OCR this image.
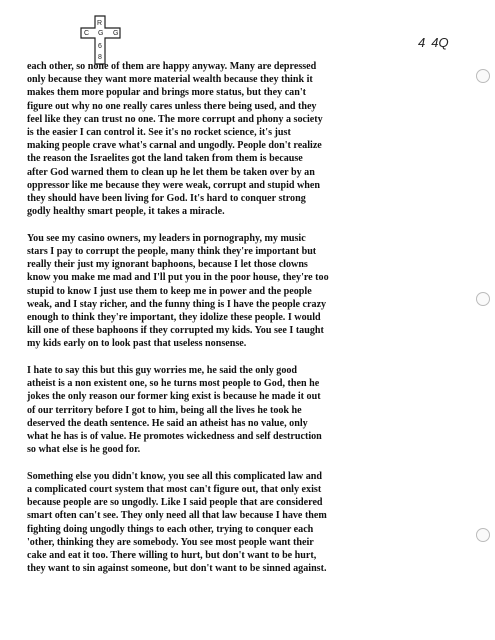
R
G
C G
6
8
4 4Q
each other, so none of them are happy anyway. Many are depressed
only because they want more material wealth because they think it
makes them more popular and brings more status, but they can't
figure out why no one really cares unless there being used, and they
feel like they can trust no one. The more corrupt and phony a society
is the easier I can control it. See it's no rocket science, it's just
making people crave what's carnal and ungodly. People don't realize
the reason the Israelites got the land taken from them is because
after God warned them to clean up he let them be taken over by an
oppressor like me because they were weak, corrupt and stupid when
they should have been living for God. It's hard to conquer strong
godly healthy smart people, it takes a miracle.
You see my casino owners, my leaders in pornography, my music
stars I pay to corrupt the people, many think they're important but
really their just my ignorant baphoons, because I let those clowns
know you make me mad and I'll put you in the poor house, they're too
stupid to know I just use them to keep me in power and the people
weak, and I stay richer, and the funny thing is I have the people crazy
enough to think they're important, they idolize these people. I would
kill one of these baphoons if they corrupted my kids. You see I taught
my kids early on to look past that useless nonsense.
I hate to say this but this guy worries me, he said the only good
atheist is a non existent one, so he turns most people to God, then he
jokes the only reason our former king exist is because he made it out
of our territory before I got to him, being all the lives he took he
deserved the death sentence. He said an atheist has no value, only
what he has is of value. He promotes wickedness and self destruction
so what else is he good for.
Something else you didn't know, you see all this complicated law and
a complicated court system that most can't figure out, that only exist
because people are so ungodly. Like I said people that are considered
smart often can't see. They only need all that law because I have them
fighting doing ungodly things to each other, trying to conquer each
'other, thinking they are somebody. You see most people want their
cake and eat it too. There willing to hurt, but don't want to be hurt,
they want to sin against someone, but don't want to be sinned against.
